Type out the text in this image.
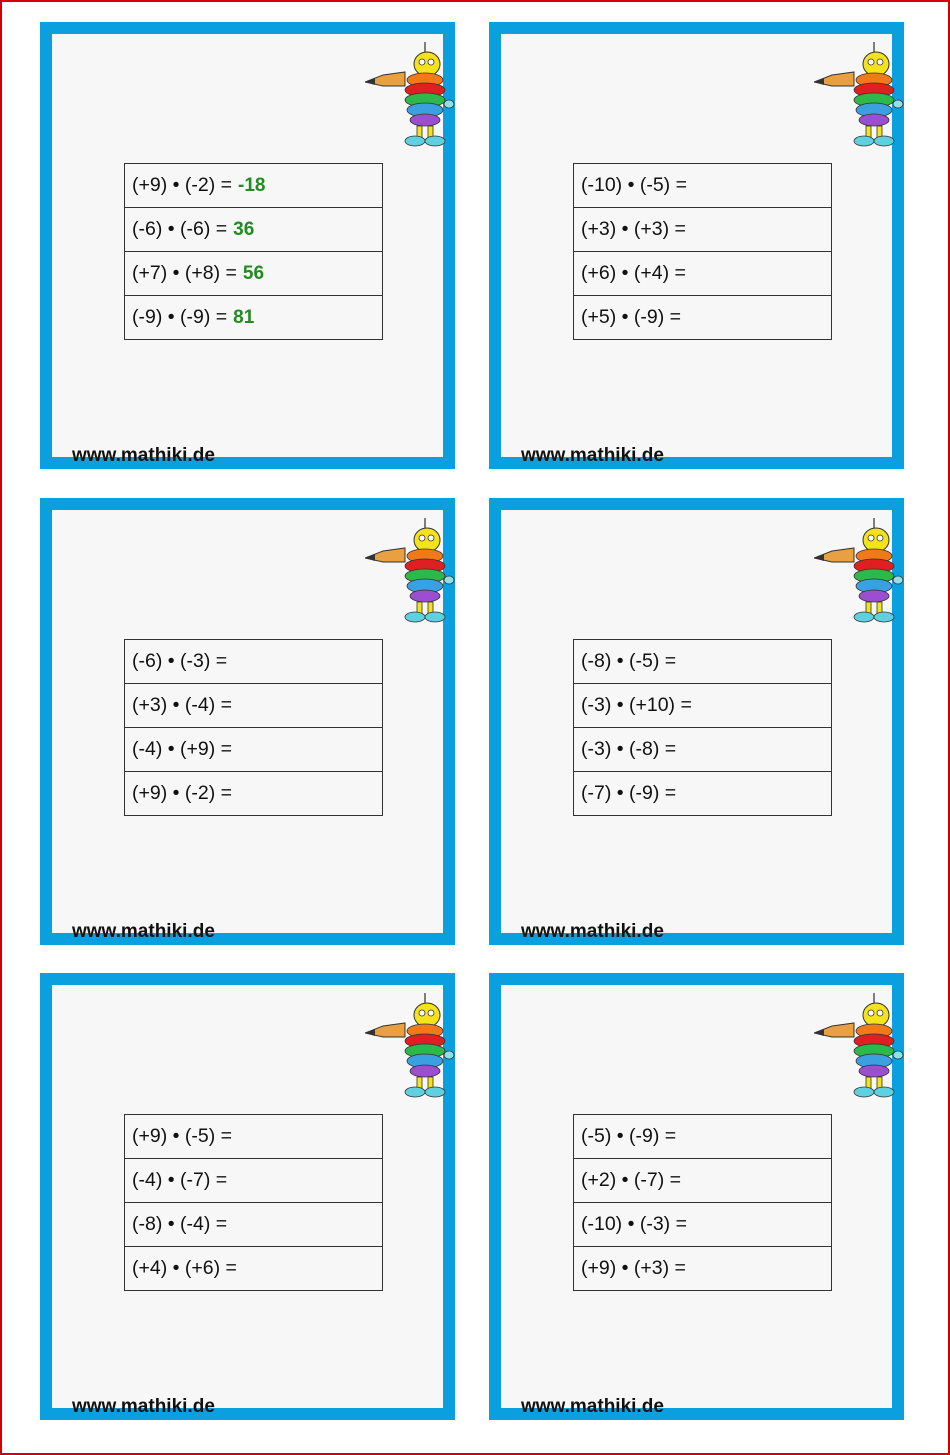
(+9) • (-2) = -18
(-6) • (-6) = 36
(+7) • (+8) = 56
(-9) • (-9) = 81
www.mathiki.de
(-10) • (-5) =
(+3) • (+3) =
(+6) • (+4) =
(+5) • (-9) =
www.mathiki.de
(-6) • (-3) =
(+3) • (-4) =
(-4) • (+9) =
(+9) • (-2) =
www.mathiki.de
(-8) • (-5) =
(-3) • (+10) =
(-3) • (-8) =
(-7) • (-9) =
www.mathiki.de
(+9) • (-5) =
(-4) • (-7) =
(-8) • (-4) =
(+4) • (+6) =
www.mathiki.de
(-5) • (-9) =
(+2) • (-7) =
(-10) • (-3) =
(+9) • (+3) =
www.mathiki.de
